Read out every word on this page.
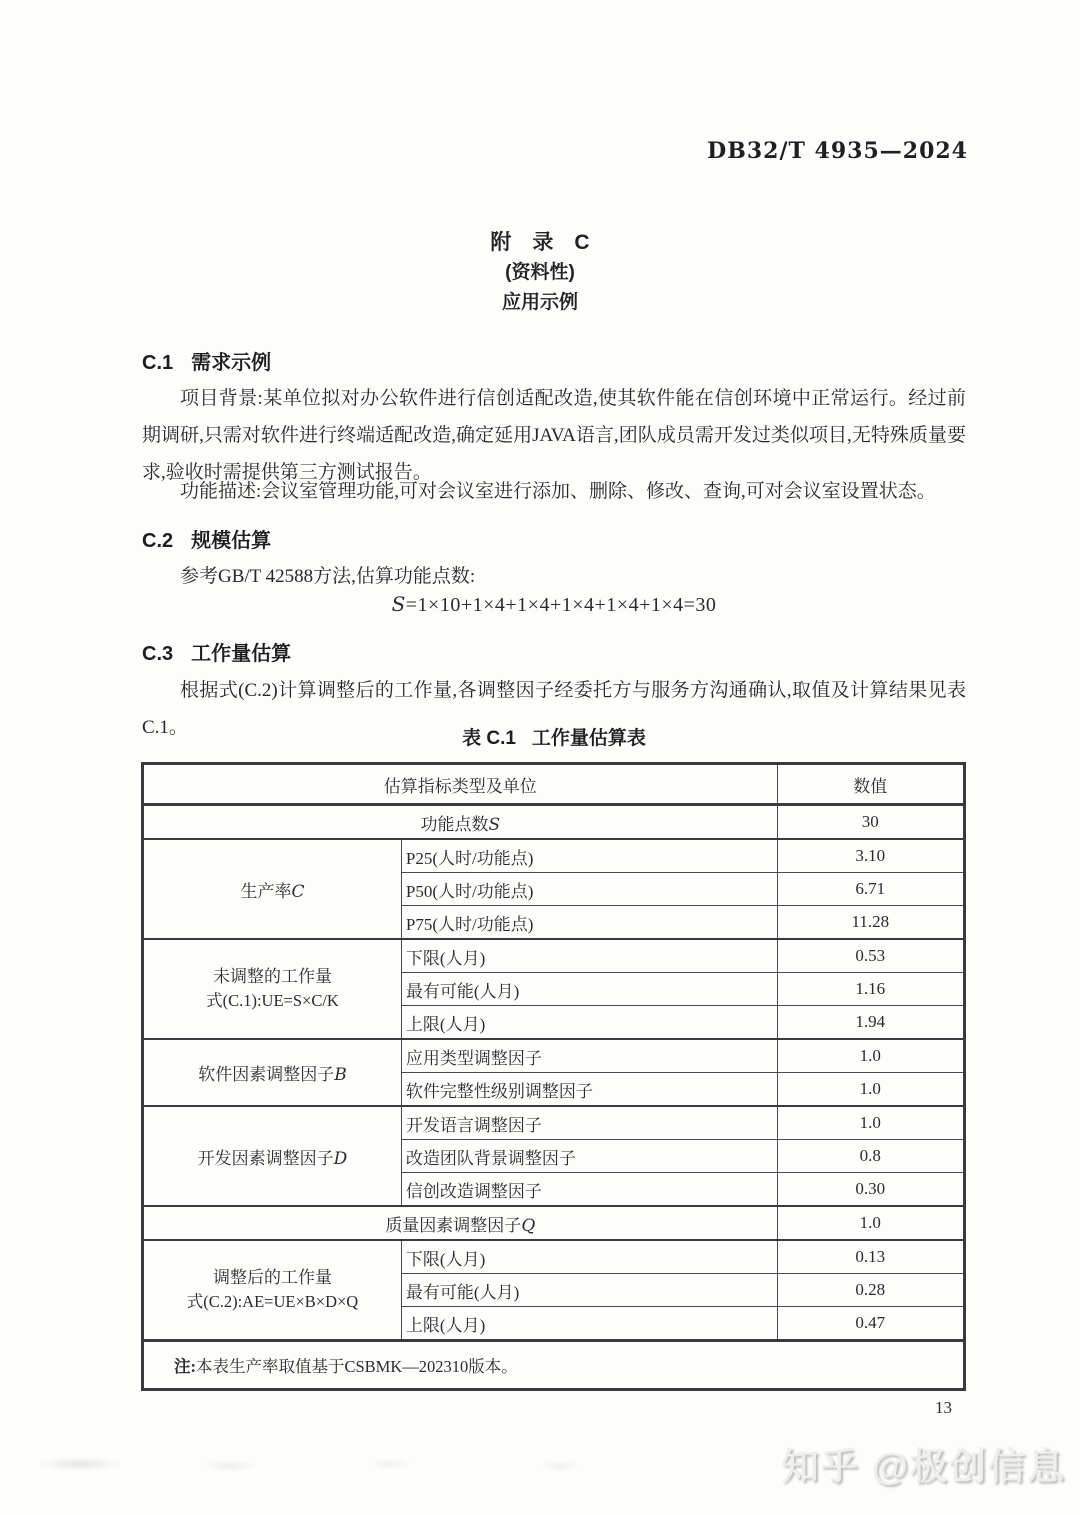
DB32/T 4935—2024
附　录　C
(资料性)
应用示例
C.1 需求示例
项目背景:某单位拟对办公软件进行信创适配改造,使其软件能在信创环境中正常运行。经过前期调研,只需对软件进行终端适配改造,确定延用JAVA语言,团队成员需开发过类似项目,无特殊质量要求,验收时需提供第三方测试报告。
功能描述:会议室管理功能,可对会议室进行添加、删除、修改、查询,可对会议室设置状态。
C.2 规模估算
参考GB/T 42588方法,估算功能点数:
S=1×10+1×4+1×4+1×4+1×4+1×4=30
C.3 工作量估算
根据式(C.2)计算调整后的工作量,各调整因子经委托方与服务方沟通确认,取值及计算结果见表C.1。
表 C.1 工作量估算表
估算指标类型及单位		数值
功能点数S		30
生产率C	P25(人时/功能点)	3.10
	P50(人时/功能点)	6.71
	P75(人时/功能点)	11.28

未调整的工作量
式(C.1):UE=S×C/K	下限(人月)	0.53
	最有可能(人月)	1.16
	上限(人月)	1.94
软件因素调整因子B	应用类型调整因子	1.0
	软件完整性级别调整因子	1.0
开发因素调整因子D	开发语言调整因子	1.0
	改造团队背景调整因子	0.8
	信创改造调整因子	0.30
质量因素调整因子Q		1.0

调整后的工作量
式(C.2):AE=UE×B×D×Q	下限(人月)	0.13
	最有可能(人月)	0.28
	上限(人月)	0.47
注:本表生产率取值基于CSBMK—202310版本。		
13
知乎 @极创信息
